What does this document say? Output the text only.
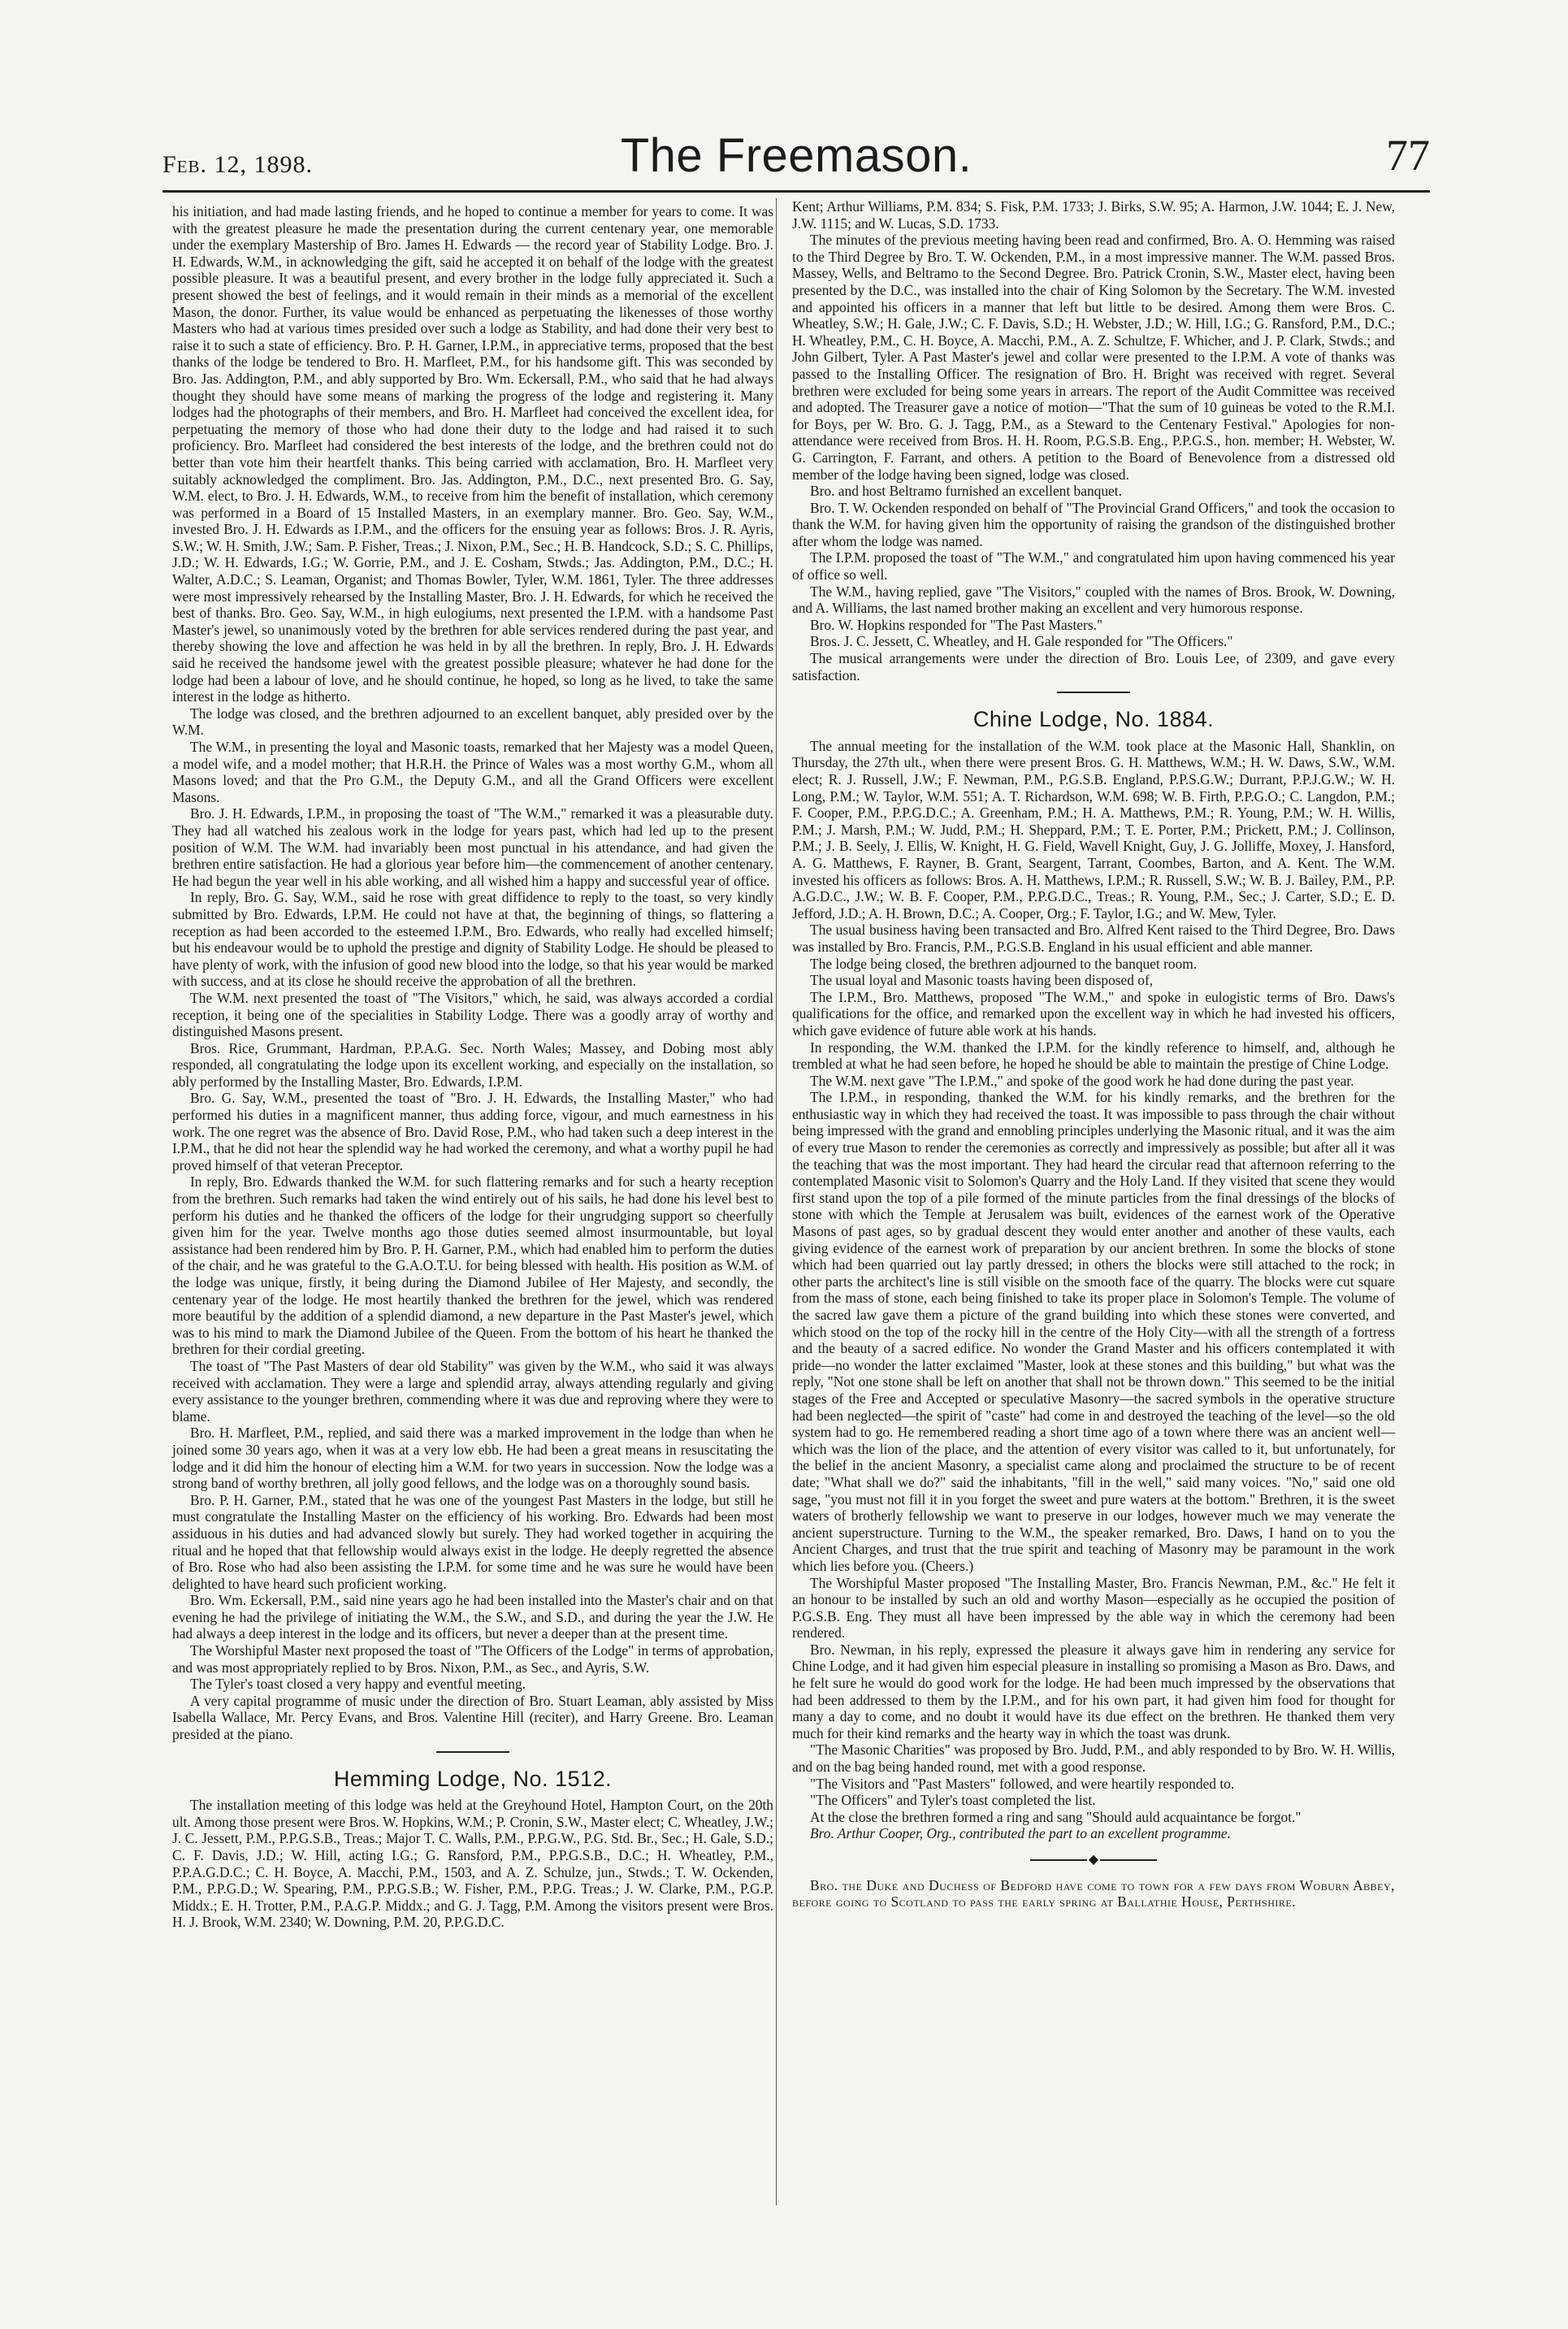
Feb. 12, 1898.	The Freemason.	77

his initiation, and had made lasting friends, and he hoped to continue a member for years to come. It was with the greatest pleasure he made the presentation during the current centenary year, one memorable under the exemplary Mastership of Bro. James H. Edwards — the record year of Stability Lodge. Bro. J. H. Edwards, W.M., in acknowledging the gift, said he accepted it on behalf of the lodge with the greatest possible pleasure. It was a beautiful present, and every brother in the lodge fully appreciated it. Such a present showed the best of feelings, and it would remain in their minds as a memorial of the excellent Mason, the donor. Further, its value would be enhanced as perpetuating the likenesses of those worthy Masters who had at various times presided over such a lodge as Stability, and had done their very best to raise it to such a state of efficiency. Bro. P. H. Garner, I.P.M., in appreciative terms, proposed that the best thanks of the lodge be tendered to Bro. H. Marfleet, P.M., for his handsome gift. This was seconded by Bro. Jas. Addington, P.M., and ably supported by Bro. Wm. Eckersall, P.M., who said that he had always thought they should have some means of marking the progress of the lodge and registering it. Many lodges had the photographs of their members, and Bro. H. Marfleet had conceived the excellent idea, for perpetuating the memory of those who had done their duty to the lodge and had raised it to such proficiency. Bro. Marfleet had considered the best interests of the lodge, and the brethren could not do better than vote him their heartfelt thanks. This being carried with acclamation, Bro. H. Marfleet very suitably acknowledged the compliment. Bro. Jas. Addington, P.M., D.C., next presented Bro. G. Say, W.M. elect, to Bro. J. H. Edwards, W.M., to receive from him the benefit of installation, which ceremony was performed in a Board of 15 Installed Masters, in an exemplary manner. Bro. Geo. Say, W.M., invested Bro. J. H. Edwards as I.P.M., and the officers for the ensuing year as follows: Bros. J. R. Ayris, S.W.; W. H. Smith, J.W.; Sam. P. Fisher, Treas.; J. Nixon, P.M., Sec.; H. B. Handcock, S.D.; S. C. Phillips, J.D.; W. H. Edwards, I.G.; W. Gorrie, P.M., and J. E. Cosham, Stwds.; Jas. Addington, P.M., D.C.; H. Walter, A.D.C.; S. Leaman, Organist; and Thomas Bowler, Tyler, W.M. 1861, Tyler. The three addresses were most impressively rehearsed by the Installing Master, Bro. J. H. Edwards, for which he received the best of thanks. Bro. Geo. Say, W.M., in high eulogiums, next presented the I.P.M. with a handsome Past Master's jewel, so unanimously voted by the brethren for able services rendered during the past year, and thereby showing the love and affection he was held in by all the brethren. In reply, Bro. J. H. Edwards said he received the handsome jewel with the greatest possible pleasure; whatever he had done for the lodge had been a labour of love, and he should continue, he hoped, so long as he lived, to take the same interest in the lodge as hitherto.

The lodge was closed, and the brethren adjourned to an excellent banquet, ably presided over by the W.M.

The W.M., in presenting the loyal and Masonic toasts, remarked that her Majesty was a model Queen, a model wife, and a model mother; that H.R.H. the Prince of Wales was a most worthy G.M., whom all Masons loved; and that the Pro G.M., the Deputy G.M., and all the Grand Officers were excellent Masons.

Bro. J. H. Edwards, I.P.M., in proposing the toast of "The W.M.," remarked it was a pleasurable duty. They had all watched his zealous work in the lodge for years past, which had led up to the present position of W.M. The W.M. had invariably been most punctual in his attendance, and had given the brethren entire satisfaction. He had a glorious year before him—the commencement of another centenary. He had begun the year well in his able working, and all wished him a happy and successful year of office.

In reply, Bro. G. Say, W.M., said he rose with great diffidence to reply to the toast, so very kindly submitted by Bro. Edwards, I.P.M. He could not have at that, the beginning of things, so flattering a reception as had been accorded to the esteemed I.P.M., Bro. Edwards, who really had excelled himself; but his endeavour would be to uphold the prestige and dignity of Stability Lodge. He should be pleased to have plenty of work, with the infusion of good new blood into the lodge, so that his year would be marked with success, and at its close he should receive the approbation of all the brethren.

The W.M. next presented the toast of "The Visitors," which, he said, was always accorded a cordial reception, it being one of the specialities in Stability Lodge. There was a goodly array of worthy and distinguished Masons present.

Bros. Rice, Grummant, Hardman, P.P.A.G. Sec. North Wales; Massey, and Dobing most ably responded, all congratulating the lodge upon its excellent working, and especially on the installation, so ably performed by the Installing Master, Bro. Edwards, I.P.M.

Bro. G. Say, W.M., presented the toast of "Bro. J. H. Edwards, the Installing Master," who had performed his duties in a magnificent manner, thus adding force, vigour, and much earnestness in his work. The one regret was the absence of Bro. David Rose, P.M., who had taken such a deep interest in the I.P.M., that he did not hear the splendid way he had worked the ceremony, and what a worthy pupil he had proved himself of that veteran Preceptor.

In reply, Bro. Edwards thanked the W.M. for such flattering remarks and for such a hearty reception from the brethren. Such remarks had taken the wind entirely out of his sails, he had done his level best to perform his duties and he thanked the officers of the lodge for their ungrudging support so cheerfully given him for the year. Twelve months ago those duties seemed almost insurmountable, but loyal assistance had been rendered him by Bro. P. H. Garner, P.M., which had enabled him to perform the duties of the chair, and he was grateful to the G.A.O.T.U. for being blessed with health. His position as W.M. of the lodge was unique, firstly, it being during the Diamond Jubilee of Her Majesty, and secondly, the centenary year of the lodge. He most heartily thanked the brethren for the jewel, which was rendered more beautiful by the addition of a splendid diamond, a new departure in the Past Master's jewel, which was to his mind to mark the Diamond Jubilee of the Queen. From the bottom of his heart he thanked the brethren for their cordial greeting.

The toast of "The Past Masters of dear old Stability" was given by the W.M., who said it was always received with acclamation. They were a large and splendid array, always attending regularly and giving every assistance to the younger brethren, commending where it was due and reproving where they were to blame.

Bro. H. Marfleet, P.M., replied, and said there was a marked improvement in the lodge than when he joined some 30 years ago, when it was at a very low ebb. He had been a great means in resuscitating the lodge and it did him the honour of electing him a W.M. for two years in succession. Now the lodge was a strong band of worthy brethren, all jolly good fellows, and the lodge was on a thoroughly sound basis.

Bro. P. H. Garner, P.M., stated that he was one of the youngest Past Masters in the lodge, but still he must congratulate the Installing Master on the efficiency of his working. Bro. Edwards had been most assiduous in his duties and had advanced slowly but surely. They had worked together in acquiring the ritual and he hoped that that fellowship would always exist in the lodge. He deeply regretted the absence of Bro. Rose who had also been assisting the I.P.M. for some time and he was sure he would have been delighted to have heard such proficient working.

Bro. Wm. Eckersall, P.M., said nine years ago he had been installed into the Master's chair and on that evening he had the privilege of initiating the W.M., the S.W., and S.D., and during the year the J.W. He had always a deep interest in the lodge and its officers, but never a deeper than at the present time.

The Worshipful Master next proposed the toast of "The Officers of the Lodge" in terms of approbation, and was most appropriately replied to by Bros. Nixon, P.M., as Sec., and Ayris, S.W.

The Tyler's toast closed a very happy and eventful meeting.

A very capital programme of music under the direction of Bro. Stuart Leaman, ably assisted by Miss Isabella Wallace, Mr. Percy Evans, and Bros. Valentine Hill (reciter), and Harry Greene. Bro. Leaman presided at the piano.

Hemming Lodge, No. 1512.

The installation meeting of this lodge was held at the Greyhound Hotel, Hampton Court, on the 20th ult. Among those present were Bros. W. Hopkins, W.M.; P. Cronin, S.W., Master elect; C. Wheatley, J.W.; J. C. Jessett, P.M., P.P.G.S.B., Treas.; Major T. C. Walls, P.M., P.P.G.W., P.G. Std. Br., Sec.; H. Gale, S.D.; C. F. Davis, J.D.; W. Hill, acting I.G.; G. Ransford, P.M., P.P.G.S.B., D.C.; H. Wheatley, P.M., P.P.A.G.D.C.; C. H. Boyce, A. Macchi, P.M., 1503, and A. Z. Schulze, jun., Stwds.; T. W. Ockenden, P.M., P.P.G.D.; W. Spearing, P.M., P.P.G.S.B.; W. Fisher, P.M., P.P.G. Treas.; J. W. Clarke, P.M., P.G.P. Middx.; E. H. Trotter, P.M., P.A.G.P. Middx.; and G. J. Tagg, P.M. Among the visitors present were Bros. H. J. Brook, W.M. 2340; W. Downing, P.M. 20, P.P.G.D.C.

Kent; Arthur Williams, P.M. 834; S. Fisk, P.M. 1733; J. Birks, S.W. 95; A. Harmon, J.W. 1044; E. J. New, J.W. 1115; and W. Lucas, S.D. 1733.

The minutes of the previous meeting having been read and confirmed, Bro. A. O. Hemming was raised to the Third Degree by Bro. T. W. Ockenden, P.M., in a most impressive manner. The W.M. passed Bros. Massey, Wells, and Beltramo to the Second Degree. Bro. Patrick Cronin, S.W., Master elect, having been presented by the D.C., was installed into the chair of King Solomon by the Secretary. The W.M. invested and appointed his officers in a manner that left but little to be desired. Among them were Bros. C. Wheatley, S.W.; H. Gale, J.W.; C. F. Davis, S.D.; H. Webster, J.D.; W. Hill, I.G.; G. Ransford, P.M., D.C.; H. Wheatley, P.M., C. H. Boyce, A. Macchi, P.M., A. Z. Schultze, F. Whicher, and J. P. Clark, Stwds.; and John Gilbert, Tyler. A Past Master's jewel and collar were presented to the I.P.M. A vote of thanks was passed to the Installing Officer. The resignation of Bro. H. Bright was received with regret. Several brethren were excluded for being some years in arrears. The report of the Audit Committee was received and adopted. The Treasurer gave a notice of motion—"That the sum of 10 guineas be voted to the R.M.I. for Boys, per W. Bro. G. J. Tagg, P.M., as a Steward to the Centenary Festival." Apologies for non-attendance were received from Bros. H. H. Room, P.G.S.B. Eng., P.P.G.S., hon. member; H. Webster, W. G. Carrington, F. Farrant, and others. A petition to the Board of Benevolence from a distressed old member of the lodge having been signed, lodge was closed.

Bro. and host Beltramo furnished an excellent banquet.

Bro. T. W. Ockenden responded on behalf of "The Provincial Grand Officers," and took the occasion to thank the W.M. for having given him the opportunity of raising the grandson of the distinguished brother after whom the lodge was named.

The I.P.M. proposed the toast of "The W.M.," and congratulated him upon having commenced his year of office so well.

The W.M., having replied, gave "The Visitors," coupled with the names of Bros. Brook, W. Downing, and A. Williams, the last named brother making an excellent and very humorous response.

Bro. W. Hopkins responded for "The Past Masters."

Bros. J. C. Jessett, C. Wheatley, and H. Gale responded for "The Officers."

The musical arrangements were under the direction of Bro. Louis Lee, of 2309, and gave every satisfaction.

Chine Lodge, No. 1884.

The annual meeting for the installation of the W.M. took place at the Masonic Hall, Shanklin, on Thursday, the 27th ult., when there were present Bros. G. H. Matthews, W.M.; H. W. Daws, S.W., W.M. elect; R. J. Russell, J.W.; F. Newman, P.M., P.G.S.B. England, P.P.S.G.W.; Durrant, P.P.J.G.W.; W. H. Long, P.M.; W. Taylor, W.M. 551; A. T. Richardson, W.M. 698; W. B. Firth, P.P.G.O.; C. Langdon, P.M.; F. Cooper, P.M., P.P.G.D.C.; A. Greenham, P.M.; H. A. Matthews, P.M.; R. Young, P.M.; W. H. Willis, P.M.; J. Marsh, P.M.; W. Judd, P.M.; H. Sheppard, P.M.; T. E. Porter, P.M.; Prickett, P.M.; J. Collinson, P.M.; J. B. Seely, J. Ellis, W. Knight, H. G. Field, Wavell Knight, Guy, J. G. Jolliffe, Moxey, J. Hansford, A. G. Matthews, F. Rayner, B. Grant, Seargent, Tarrant, Coombes, Barton, and A. Kent. The W.M. invested his officers as follows: Bros. A. H. Matthews, I.P.M.; R. Russell, S.W.; W. B. J. Bailey, P.M., P.P. A.G.D.C., J.W.; W. B. F. Cooper, P.M., P.P.G.D.C., Treas.; R. Young, P.M., Sec.; J. Carter, S.D.; E. D. Jefford, J.D.; A. H. Brown, D.C.; A. Cooper, Org.; F. Taylor, I.G.; and W. Mew, Tyler.

The usual business having been transacted and Bro. Alfred Kent raised to the Third Degree, Bro. Daws was installed by Bro. Francis, P.M., P.G.S.B. England in his usual efficient and able manner.

The lodge being closed, the brethren adjourned to the banquet room.

The usual loyal and Masonic toasts having been disposed of,

The I.P.M., Bro. Matthews, proposed "The W.M.," and spoke in eulogistic terms of Bro. Daws's qualifications for the office, and remarked upon the excellent way in which he had invested his officers, which gave evidence of future able work at his hands.

In responding, the W.M. thanked the I.P.M. for the kindly reference to himself, and, although he trembled at what he had seen before, he hoped he should be able to maintain the prestige of Chine Lodge.

The W.M. next gave "The I.P.M.," and spoke of the good work he had done during the past year.

The I.P.M., in responding, thanked the W.M. for his kindly remarks, and the brethren for the enthusiastic way in which they had received the toast. It was impossible to pass through the chair without being impressed with the grand and ennobling principles underlying the Masonic ritual, and it was the aim of every true Mason to render the ceremonies as correctly and impressively as possible; but after all it was the teaching that was the most important. They had heard the circular read that afternoon referring to the contemplated Masonic visit to Solomon's Quarry and the Holy Land. If they visited that scene they would first stand upon the top of a pile formed of the minute particles from the final dressings of the blocks of stone with which the Temple at Jerusalem was built, evidences of the earnest work of the Operative Masons of past ages, so by gradual descent they would enter another and another of these vaults, each giving evidence of the earnest work of preparation by our ancient brethren. In some the blocks of stone which had been quarried out lay partly dressed; in others the blocks were still attached to the rock; in other parts the architect's line is still visible on the smooth face of the quarry. The blocks were cut square from the mass of stone, each being finished to take its proper place in Solomon's Temple. The volume of the sacred law gave them a picture of the grand building into which these stones were converted, and which stood on the top of the rocky hill in the centre of the Holy City—with all the strength of a fortress and the beauty of a sacred edifice. No wonder the Grand Master and his officers contemplated it with pride—no wonder the latter exclaimed "Master, look at these stones and this building," but what was the reply, "Not one stone shall be left on another that shall not be thrown down." This seemed to be the initial stages of the Free and Accepted or speculative Masonry—the sacred symbols in the operative structure had been neglected—the spirit of "caste" had come in and destroyed the teaching of the level—so the old system had to go. He remembered reading a short time ago of a town where there was an ancient well—which was the lion of the place, and the attention of every visitor was called to it, but unfortunately, for the belief in the ancient Masonry, a specialist came along and proclaimed the structure to be of recent date; "What shall we do?" said the inhabitants, "fill in the well," said many voices. "No," said one old sage, "you must not fill it in you forget the sweet and pure waters at the bottom." Brethren, it is the sweet waters of brotherly fellowship we want to preserve in our lodges, however much we may venerate the ancient superstructure. Turning to the W.M., the speaker remarked, Bro. Daws, I hand on to you the Ancient Charges, and trust that the true spirit and teaching of Masonry may be paramount in the work which lies before you. (Cheers.)

The Worshipful Master proposed "The Installing Master, Bro. Francis Newman, P.M., &c." He felt it an honour to be installed by such an old and worthy Mason—especially as he occupied the position of P.G.S.B. Eng. They must all have been impressed by the able way in which the ceremony had been rendered.

Bro. Newman, in his reply, expressed the pleasure it always gave him in rendering any service for Chine Lodge, and it had given him especial pleasure in installing so promising a Mason as Bro. Daws, and he felt sure he would do good work for the lodge. He had been much impressed by the observations that had been addressed to them by the I.P.M., and for his own part, it had given him food for thought for many a day to come, and no doubt it would have its due effect on the brethren. He thanked them very much for their kind remarks and the hearty way in which the toast was drunk.

"The Masonic Charities" was proposed by Bro. Judd, P.M., and ably responded to by Bro. W. H. Willis, and on the bag being handed round, met with a good response.

"The Visitors and "Past Masters" followed, and were heartily responded to.

"The Officers" and Tyler's toast completed the list.

At the close the brethren formed a ring and sang "Should auld acquaintance be forgot."

Bro. Arthur Cooper, Org., contributed the part to an excellent programme.

◆

Bro. the Duke and Duchess of Bedford have come to town for a few days from Woburn Abbey, before going to Scotland to pass the early spring at Ballathie House, Perthshire.
